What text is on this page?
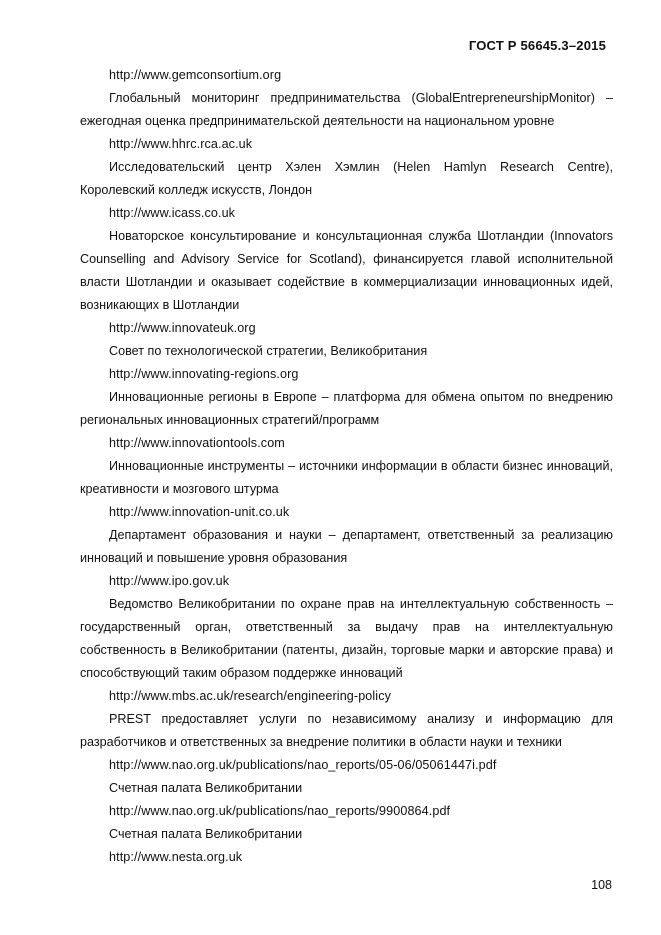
ГОСТ Р 56645.3–2015

http://www.gemconsortium.org

Глобальный мониторинг предпринимательства (GlobalEntrepreneurshipMonitor) – ежегодная оценка предпринимательской деятельности на национальном уровне

http://www.hhrc.rca.ac.uk

Исследовательский центр Хэлен Хэмлин (Helen Hamlyn Research Centre), Королевский колледж искусств, Лондон

http://www.icass.co.uk

Новаторское консультирование и консультационная служба Шотландии (Innovators Counselling and Advisory Service for Scotland), финансируется главой исполнительной власти Шотландии и оказывает содействие в коммерциализации инновационных идей, возникающих в Шотландии

http://www.innovateuk.org

Совет по технологической стратегии, Великобритания

http://www.innovating-regions.org

Инновационные регионы в Европе – платформа для обмена опытом по внедрению региональных инновационных стратегий/программ

http://www.innovationtools.com

Инновационные инструменты – источники информации в области бизнес инноваций, креативности и мозгового штурма

http://www.innovation-unit.co.uk

Департамент образования и науки – департамент, ответственный за реализацию инноваций и повышение уровня образования

http://www.ipo.gov.uk

Ведомство Великобритании по охране прав на интеллектуальную собственность – государственный орган, ответственный за выдачу прав на интеллектуальную собственность в Великобритании (патенты, дизайн, торговые марки и авторские права) и способствующий таким образом поддержке инноваций

http://www.mbs.ac.uk/research/engineering-policy

PREST предоставляет услуги по независимому анализу и информацию для разработчиков и ответственных за внедрение политики в области науки и техники

http://www.nao.org.uk/publications/nao_reports/05-06/05061447i.pdf

Счетная палата Великобритании

http://www.nao.org.uk/publications/nao_reports/9900864.pdf

Счетная палата Великобритании

http://www.nesta.org.uk

108
